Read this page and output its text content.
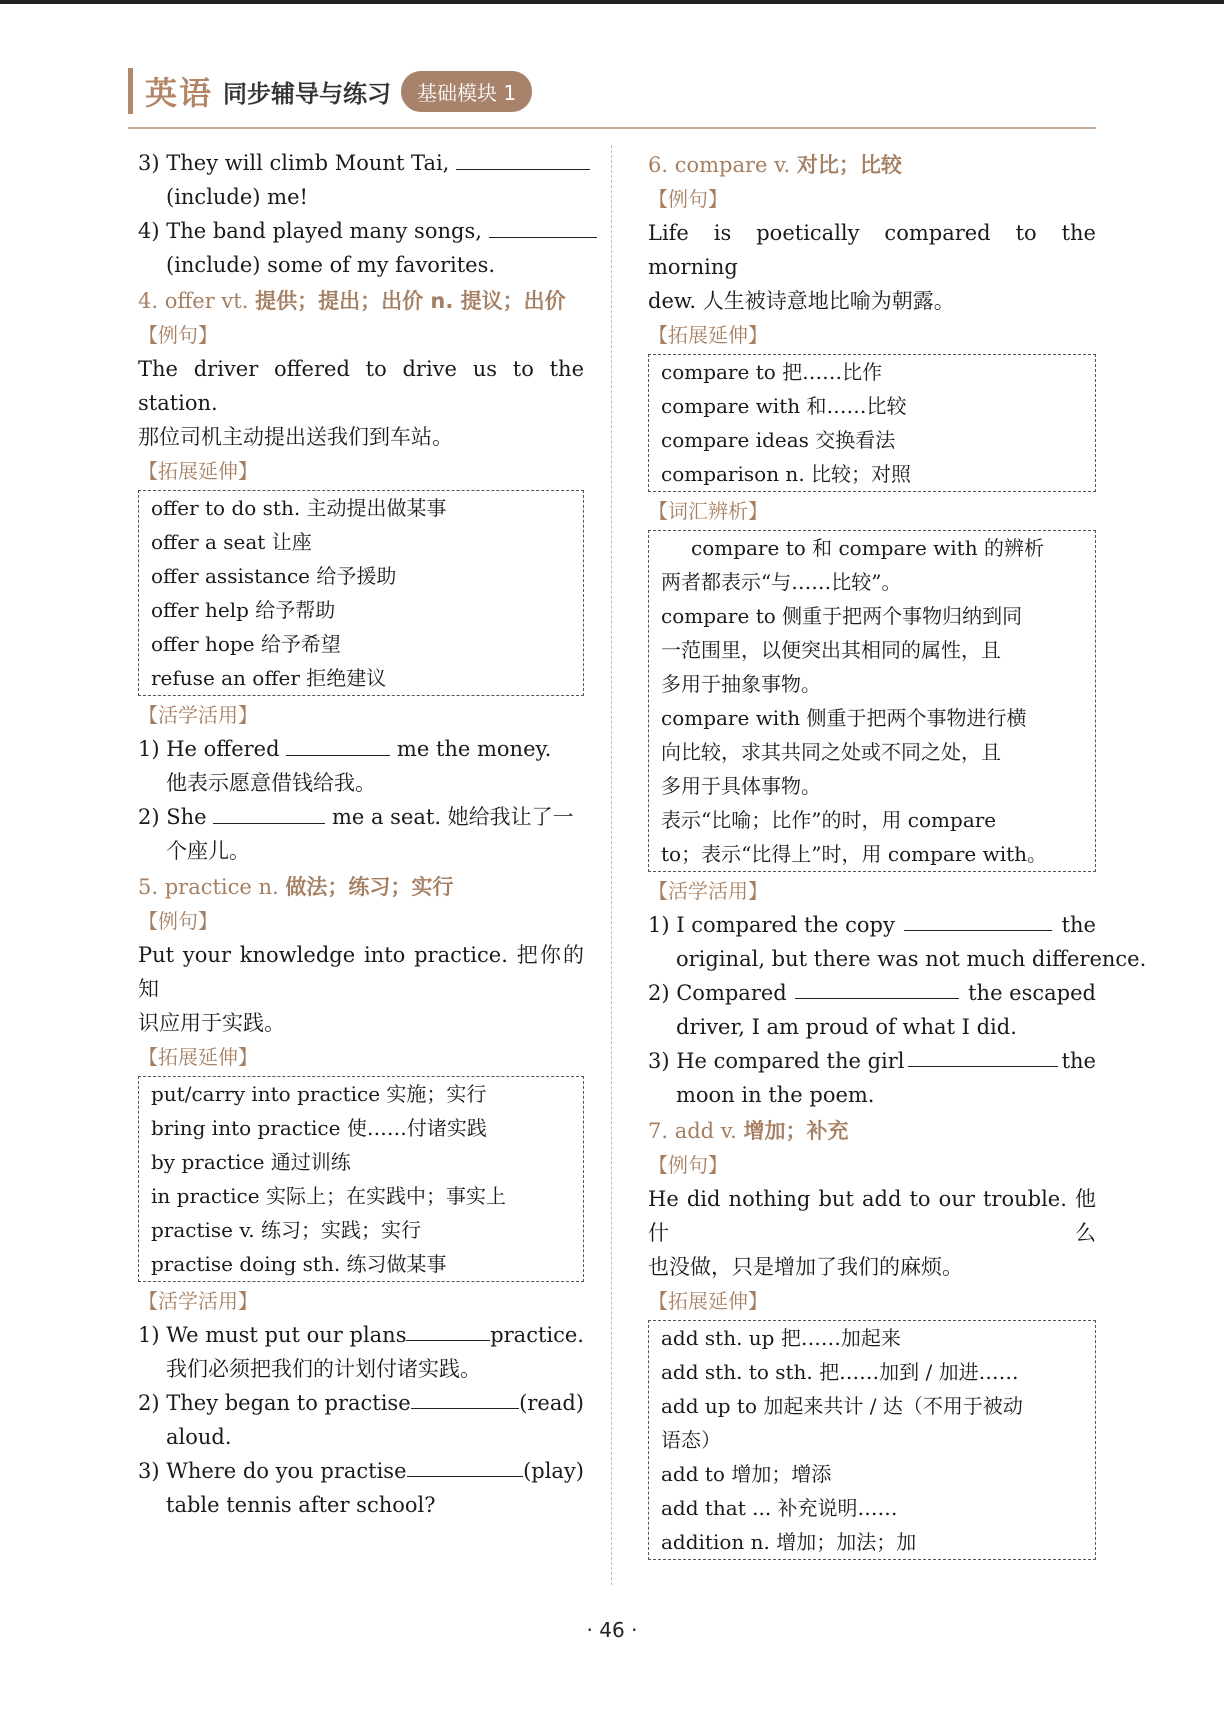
英语 同步辅导与练习	基础模块 1
3) They will climb Mount Tai,
(include) me!
4) The band played many songs,
(include) some of my favorites.
4. offer vt. 提供；提出；出价 n. 提议；出价
【例句】
The driver offered to drive us to the station.
那位司机主动提出送我们到车站。
【拓展延伸】
offer to do sth. 主动提出做某事
offer a seat 让座
offer assistance 给予援助
offer help 给予帮助
offer hope 给予希望
refuse an offer 拒绝建议
【活学活用】
1) He offered	me the money.
他表示愿意借钱给我。
2) She	me a seat. 她给我让了一
个座儿。
5. practice n. 做法；练习；实行
【例句】
Put your knowledge into practice. 把你的知
识应用于实践。
【拓展延伸】
put/carry into practice 实施；实行
bring into practice 使……付诸实践
by practice 通过训练
in practice 实际上；在实践中；事实上
practise v. 练习；实践；实行
practise doing sth. 练习做某事
【活学活用】
1) We must put our plans	practice.
我们必须把我们的计划付诸实践。
2) They began to practise	(read)
aloud.
3) Where do you practise	(play)
table tennis after school?
6. compare v. 对比；比较
【例句】
Life is poetically compared to the morning
dew. 人生被诗意地比喻为朝露。
【拓展延伸】
compare to 把……比作
compare with 和……比较
compare ideas 交换看法
comparison n. 比较；对照
【词汇辨析】
compare to 和 compare with 的辨析
两者都表示“与……比较”。
compare to 侧重于把两个事物归纳到同
一范围里，以便突出其相同的属性，且
多用于抽象事物。
compare with 侧重于把两个事物进行横
向比较，求其共同之处或不同之处，且
多用于具体事物。
表示“比喻；比作”的时，用 compare
to；表示“比得上”时，用 compare with。
【活学活用】
1) I compared the copy	the
original, but there was not much difference.
2) Compared	the escaped
driver, I am proud of what I did.
3) He compared the girl	the
moon in the poem.
7. add v. 增加；补充
【例句】
He did nothing but add to our trouble. 他什么
也没做，只是增加了我们的麻烦。
【拓展延伸】
add sth. up 把……加起来
add sth. to sth. 把……加到 / 加进……
add up to 加起来共计 / 达（不用于被动
语态）
add to 增加；增添
add that ... 补充说明……
addition n. 增加；加法；加
· 46 ·
